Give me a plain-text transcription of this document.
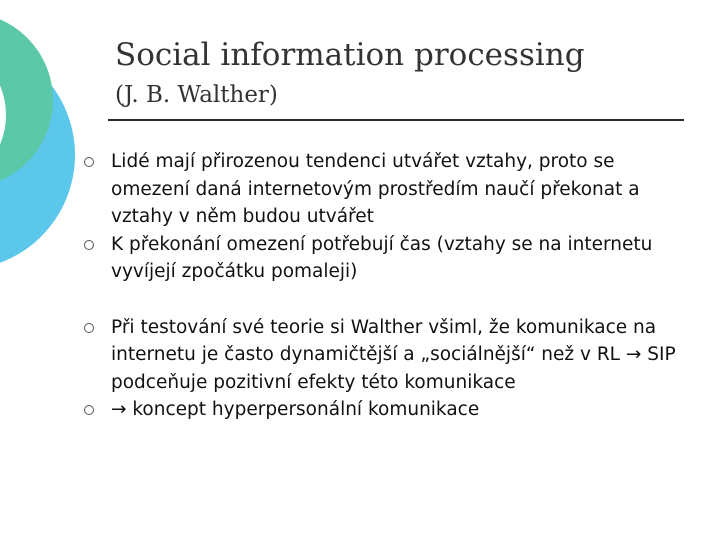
Social information processing
(J. B. Walther)
Lidé mají přirozenou tendenci utvářet vztahy, proto se omezení daná internetovým prostředím naučí překonat a vztahy v něm budou utvářet
K překonání omezení potřebují čas (vztahy se na internetu vyvíjejí zpočátku pomaleji)
Při testování své teorie si Walther všiml, že komunikace na internetu je často dynamičtější a „sociálnější“ než v RL → SIP podceňuje pozitivní efekty této komunikace
→ koncept hyperpersonální komunikace
